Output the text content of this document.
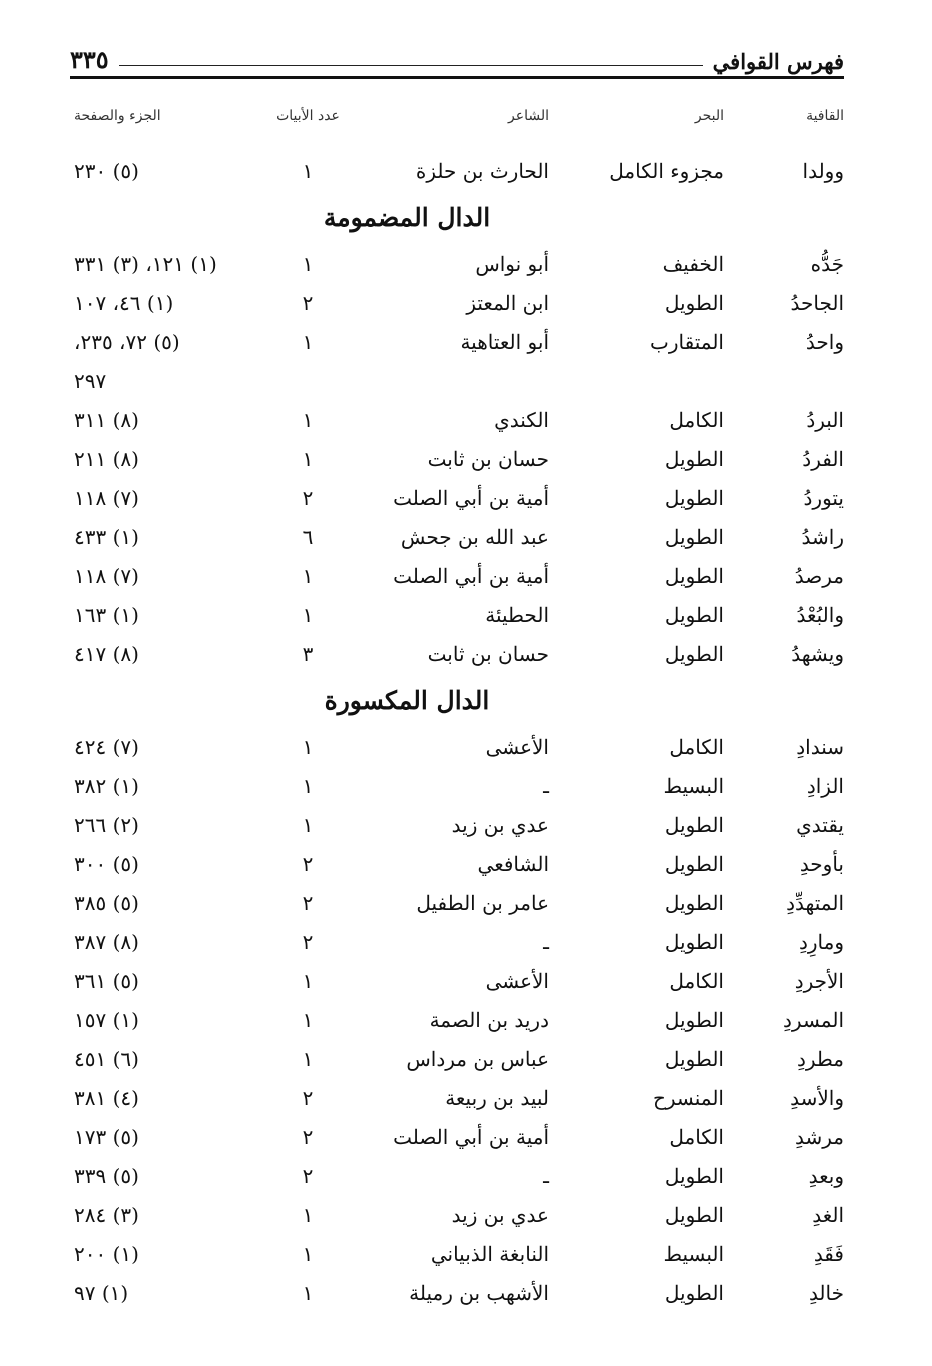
فهرس القوافي
٣٣٥
القافية
البحر
الشاعر
عدد الأبيات
الجزء والصفحة
وولدا
مجزوء الكامل
الحارث بن حلزة
١
(٥) ٢٣٠
الدال المضمومة
جَدُّه
الخفيف
أبو نواس
١
(١) ١٢١، (٣) ٣٣١
الجاحدُ
الطويل
ابن المعتز
٢
(١) ٤٦، ١٠٧
واحدُ
المتقارب
أبو العتاهية
١
(٥) ٧٢، ٢٣٥،
٢٩٧
البردُ
الكامل
الكندي
١
(٨) ٣١١
الفردُ
الطويل
حسان بن ثابت
١
(٨) ٢١١
يتوردُ
الطويل
أمية بن أبي الصلت
٢
(٧) ١١٨
راشدُ
الطويل
عبد الله بن جحش
٦
(١) ٤٣٣
مرصدُ
الطويل
أمية بن أبي الصلت
١
(٧) ١١٨
والبُعْدُ
الطويل
الحطيئة
١
(١) ١٦٣
ويشهدُ
الطويل
حسان بن ثابت
٣
(٨) ٤١٧
الدال المكسورة
سندادِ
الكامل
الأعشى
١
(٧) ٤٢٤
الزادِ
البسيط
ـ
١
(١) ٣٨٢
يقتدي
الطويل
عدي بن زيد
١
(٢) ٢٦٦
بأوحدِ
الطويل
الشافعي
٢
(٥) ٣٠٠
المتهدِّدِ
الطويل
عامر بن الطفيل
٢
(٥) ٣٨٥
ومارِدِ
الطويل
ـ
٢
(٨) ٣٨٧
الأجردِ
الكامل
الأعشى
١
(٥) ٣٦١
المسردِ
الطويل
دريد بن الصمة
١
(١) ١٥٧
مطردِ
الطويل
عباس بن مرداس
١
(٦) ٤٥١
والأسدِ
المنسرح
لبيد بن ربيعة
٢
(٤) ٣٨١
مرشدِ
الكامل
أمية بن أبي الصلت
٢
(٥) ١٧٣
وبعدِ
الطويل
ـ
٢
(٥) ٣٣٩
الغدِ
الطويل
عدي بن زيد
١
(٣) ٢٨٤
فَقَدِ
البسيط
النابغة الذبياني
١
(١) ٢٠٠
خالدِ
الطويل
الأشهب بن رميلة
١
(١) ٩٧
